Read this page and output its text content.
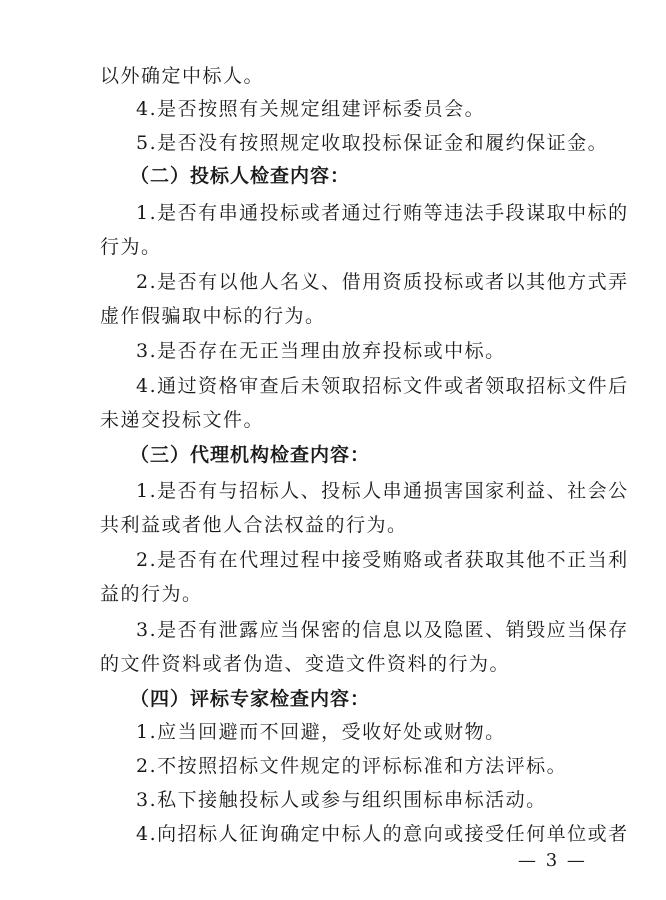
以外确定中标人。
4.是否按照有关规定组建评标委员会。
5.是否没有按照规定收取投标保证金和履约保证金。
（二）投标人检查内容：
1.是否有串通投标或者通过行贿等违法手段谋取中标的
行为。
2.是否有以他人名义、借用资质投标或者以其他方式弄
虚作假骗取中标的行为。
3.是否存在无正当理由放弃投标或中标。
4.通过资格审查后未领取招标文件或者领取招标文件后
未递交投标文件。
（三）代理机构检查内容：
1.是否有与招标人、投标人串通损害国家利益、社会公
共利益或者他人合法权益的行为。
2.是否有在代理过程中接受贿赂或者获取其他不正当利
益的行为。
3.是否有泄露应当保密的信息以及隐匿、销毁应当保存
的文件资料或者伪造、变造文件资料的行为。
（四）评标专家检查内容：
1.应当回避而不回避，受收好处或财物。
2.不按照招标文件规定的评标标准和方法评标。
3.私下接触投标人或参与组织围标串标活动。
4.向招标人征询确定中标人的意向或接受任何单位或者
— 3 —
